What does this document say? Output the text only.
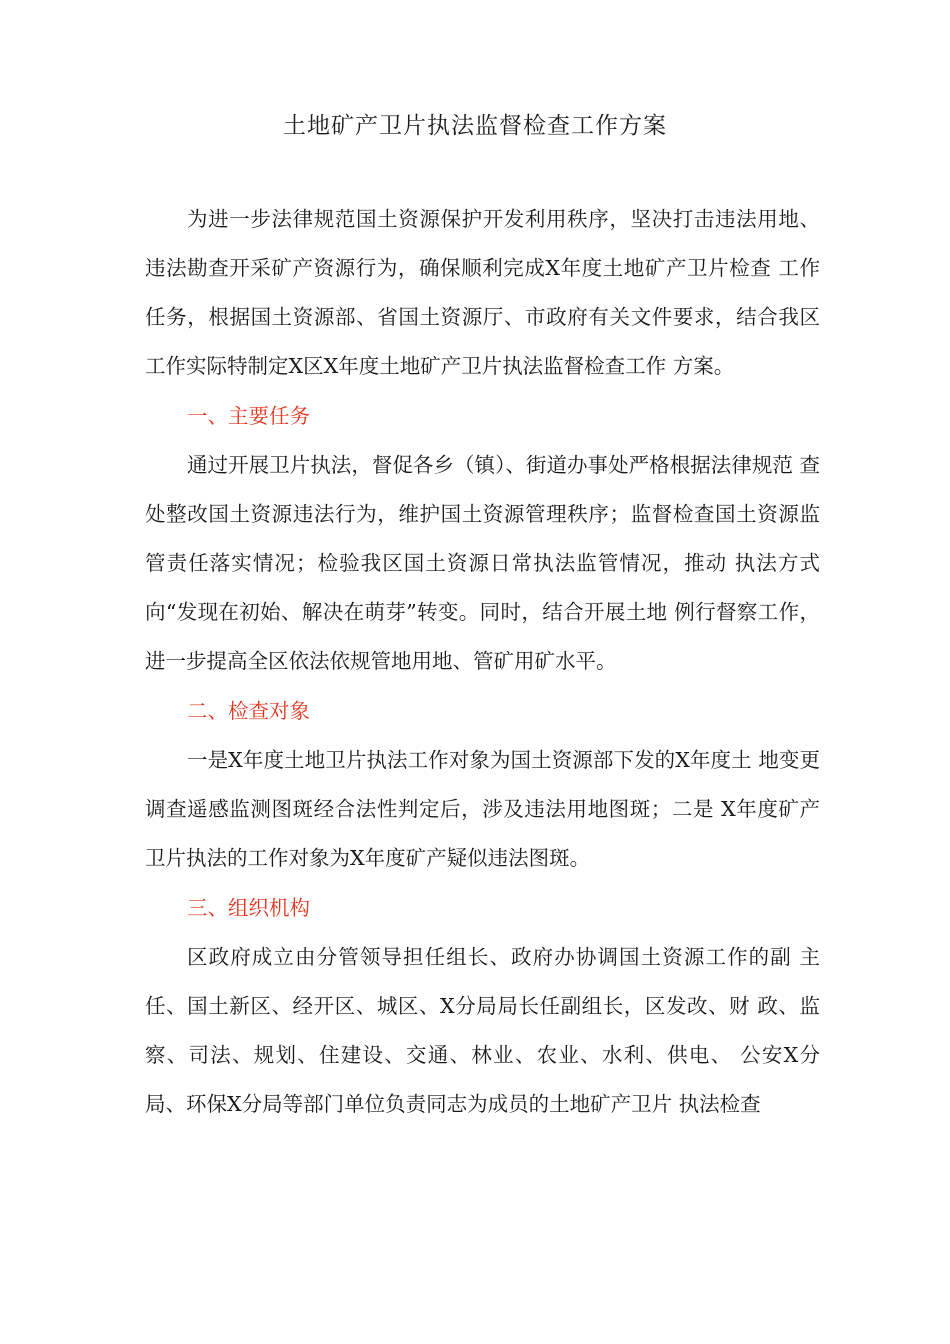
土地矿产卫片执法监督检查工作方案

为进一步法律规范国土资源保护开发利用秩序，坚决打击违法用地、 违法勘查开采矿产资源行为，确保顺利完成X年度土地矿产卫片检查 工作任务，根据国土资源部、省国土资源厅、市政府有关文件要求，结合我区工作实际特制定X区X年度土地矿产卫片执法监督检查工作 方案。

一、主要任务

通过开展卫片执法，督促各乡（镇）、街道办事处严格根据法律规范 查处整改国土资源违法行为，维护国土资源管理秩序；监督检查国土资源监管责任落实情况；检验我区国土资源日常执法监管情况，推动 执法方式向“发现在初始、解决在萌芽”转变。同时，结合开展土地 例行督察工作，进一步提高全区依法依规管地用地、管矿用矿水平。

二、检查对象

一是X年度土地卫片执法工作对象为国土资源部下发的X年度土 地变更调查遥感监测图斑经合法性判定后，涉及违法用地图斑；二是 X年度矿产卫片执法的工作对象为X年度矿产疑似违法图斑。

三、组织机构

区政府成立由分管领导担任组长、政府办协调国土资源工作的副 主任、国土新区、经开区、城区、X分局局长任副组长，区发改、财 政、监察、司法、规划、住建设、交通、林业、农业、水利、供电、 公安X分局、环保X分局等部门单位负责同志为成员的土地矿产卫片 执法检查
